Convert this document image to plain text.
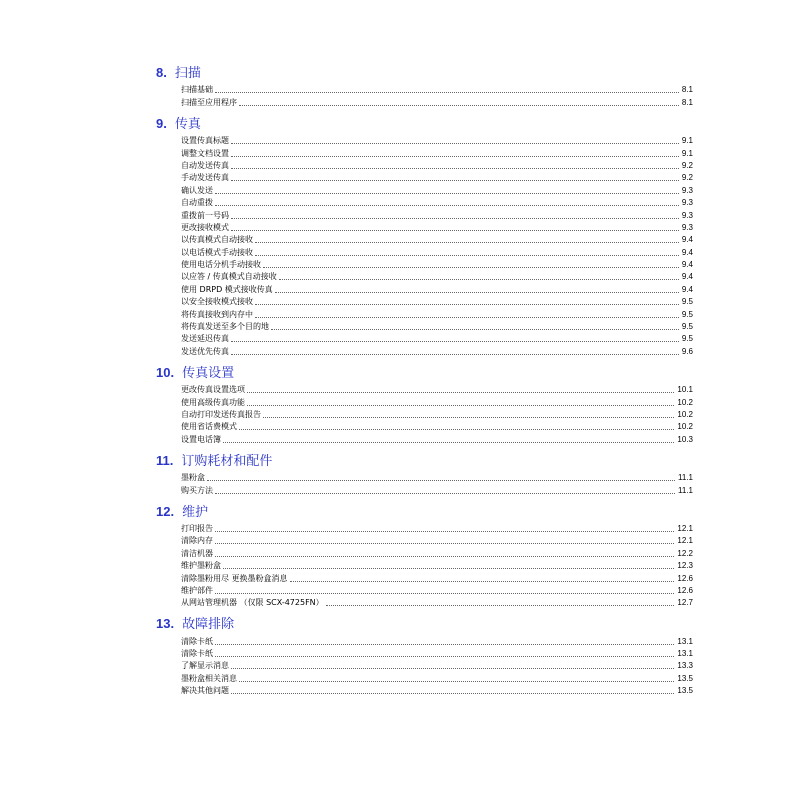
8. 扫描
扫描基础	8.1
扫描至应用程序	8.1
9. 传真
设置传真标题	9.1
调整文档设置	9.1
自动发送传真	9.2
手动发送传真	9.2
确认发送	9.3
自动重拨	9.3
重拨前一号码	9.3
更改接收模式	9.3
以传真模式自动接收	9.4
以电话模式手动接收	9.4
使用电话分机手动接收	9.4
以应答 / 传真模式自动接收	9.4
使用 DRPD 模式接收传真	9.4
以安全接收模式接收	9.5
将传真接收到内存中	9.5
将传真发送至多个目的地	9.5
发送延迟传真	9.5
发送优先传真	9.6
10. 传真设置
更改传真设置选项	10.1
使用高级传真功能	10.2
自动打印发送传真报告	10.2
使用省话费模式	10.2
设置电话簿	10.3
11. 订购耗材和配件
墨粉盒	11.1
购买方法	11.1
12. 维护
打印报告	12.1
清除内存	12.1
清洁机器	12.2
维护墨粉盒	12.3
清除墨粉用尽 更换墨粉盒消息	12.6
维护部件	12.6
从网站管理机器 （仅限 SCX-4725FN）	12.7
13. 故障排除
清除卡纸	13.1
清除卡纸	13.1
了解显示消息	13.3
墨粉盒相关消息	13.5
解决其他问题	13.5
